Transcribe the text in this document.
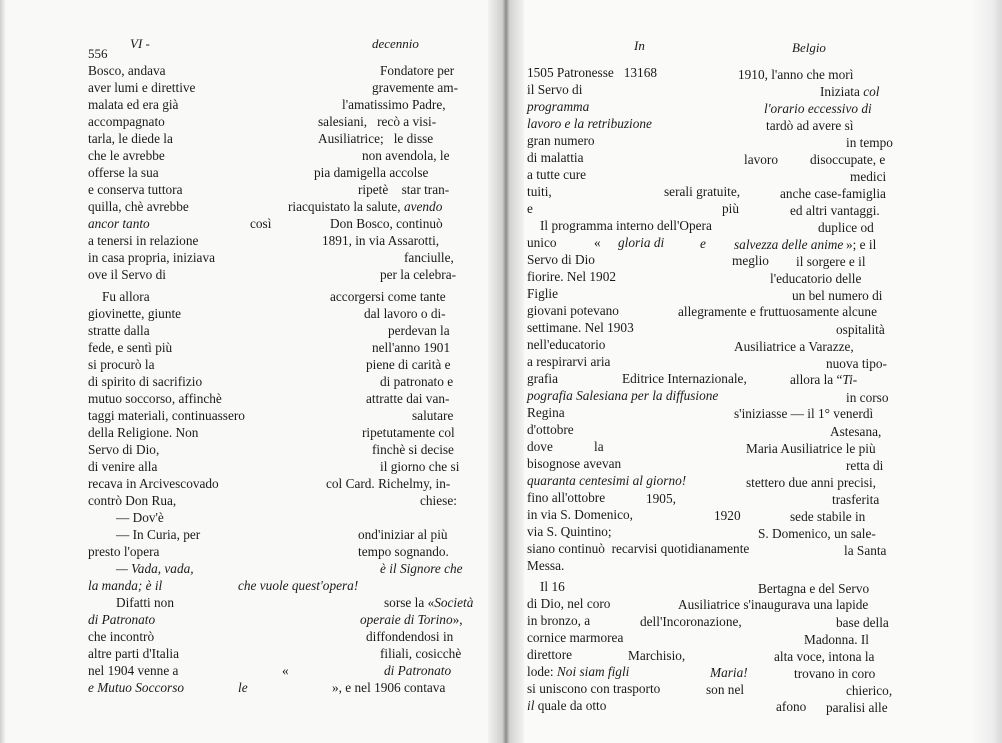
556
VI -	decennio	In	Belgio
Bosco, andava	Fondatore per
aver lumi e direttive	gravemente am-
malata ed era già	l'amatissimo Padre,
accompagnato	salesiani,   recò a visi-
tarla, le diede la	Ausiliatrice;   le disse
che le avrebbe	non avendola, le
offerse la sua	pia damigella accolse
e conserva tuttora	ripetè    star tran-
quilla, chè avrebbe	riacquistato la salute, avendo
ancor tanto	così	Don Bosco, continuò
a tenersi in relazione	1891, in via Assarotti,
in casa propria, iniziava	fanciulle,
ove il Servo di	per la celebra-
Fu allora	accorgersi come tante
giovinette, giunte	dal lavoro o di-
stratte dalla	perdevan la
fede, e sentì più	nell'anno 1901
si procurò la	piene di carità e
di spirito di sacrifizio	di patronato e
mutuo soccorso, affinchè	attratte dai van-
taggi materiali, continuassero	salutare
della Religione. Non	ripetutamente col
Servo di Dio,	finchè si decise
di venire alla	il giorno che si
recava in Arcivescovado	col Card. Richelmy, in-
contrò Don Rua,	chiese:
— Dov'è
— In Curia, per	ond'iniziar al più
presto l'opera	tempo sognando.
— Vada, vada,	è il Signore che
la manda; è il	che vuole quest'opera!
Difatti non	sorse la «Società
di Patronato	operaie di Torino»,
che incontrò	diffondendosi in
altre parti d'Italia	filiali, cosicchè
nel 1904 venne a	«	di Patronato
e Mutuo Soccorso	le	», e nel 1906 contava
1505 Patronesse   13168	1910, l'anno che morì
il Servo di	Iniziata col
programma	l'orario eccessivo di
lavoro e la retribuzione	tardò ad avere sì
gran numero	in tempo
di malattia	lavoro disoccupate, e
a tutte cure	medici
tuiti,	serali gratuite,	anche case-famiglia
e	più	ed altri vantaggi.
Il programma interno dell'Opera	duplice od
unico	« gloria di	e salvezza delle anime »; e il
Servo di Dio	meglio il sorgere e il
fiorire. Nel 1902	l'educatorio delle
Figlie	un bel numero di
giovani potevano	allegramente e fruttuosamente alcune
settimane. Nel 1903	ospitalità
nell'educatorio	Ausiliatrice a Varazze,
a respirarvi aria	nuova tipo-
grafia	Editrice Internazionale,	allora la “Ti-
pografia Salesiana per la diffusione	in corso
Regina	s'iniziasse — il 1° venerdì
d'ottobre	Astesana,
dove	la	Maria Ausiliatrice le più
bisognose avevan	retta di
quaranta centesimi al giorno!	stettero due anni precisi,
fino all'ottobre	1905,	trasferita
in via S. Domenico,	1920	sede stabile in
via S. Quintino;	S. Domenico, un sale-
siano continuò  recarvisi quotidianamente	la Santa
Messa.
Il 16	Bertagna e del Servo
di Dio, nel coro	Ausiliatrice s'inaugurava una lapide
in bronzo, a	dell'Incoronazione,	base della
cornice marmorea	Madonna. Il
direttore	Marchisio,	alta voce, intona la
lode: Noi siam figli	Maria!	trovano in coro
si uniscono con trasporto	son nel	chierico,
il quale da otto	afono paralisi alle
